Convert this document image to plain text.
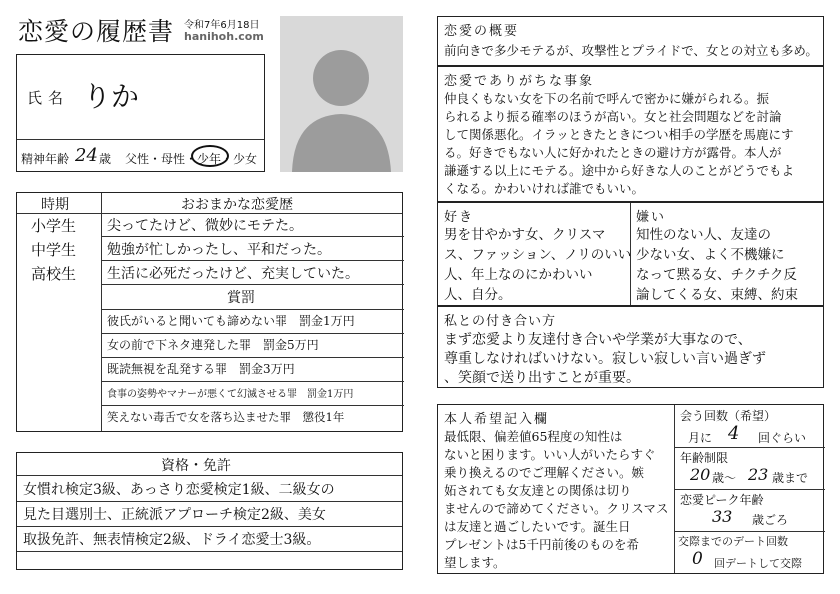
恋愛の履歴書 令和7年6月18日
hanihoh.com
氏名 りか
精神年齢 24 歳 父性・母性・少年・少女
時期	おおまかな恋愛歴
小学生 尖ってたけど、微妙にモテた。
中学生 勉強が忙しかったし、平和だった。
高校生 生活に必死だったけど、充実していた。
賞罰
彼氏がいると聞いても諦めない罪　罰金1万円
女の前で下ネタ連発した罪　罰金5万円
既読無視を乱発する罪　罰金3万円
食事の姿勢やマナーが悪くて幻滅させる罪　罰金1万円
笑えない毒舌で女を落ち込ませた罪　懲役1年
資格・免許
女慣れ検定3級、あっさり恋愛検定1級、二級女の
見た目選別士、正統派アプローチ検定2級、美女
取扱免許、無表情検定2級、ドライ恋愛士3級。
恋愛の概要
前向きで多少モテるが、攻撃性とプライドで、女との対立も多め。
恋愛でありがちな事象
仲良くもない女を下の名前で呼んで密かに嫌がられる。振
られるより振る確率のほうが高い。女と社会問題などを討論
して関係悪化。イラッときたときについ相手の学歴を馬鹿にす
る。好きでもない人に好かれたときの避け方が露骨。本人が
謙遜する以上にモテる。途中から好きな人のことがどうでもよ
くなる。かわいければ誰でもいい。
好き
男を甘やかす女、クリスマ
ス、ファッション、ノリのいい
人、年上なのにかわいい
人、自分。
嫌い
知性のない人、友達の
少ない女、よく不機嫌に
なって黙る女、チクチク反
論してくる女、束縛、約束
私との付き合い方
まず恋愛より友達付き合いや学業が大事なので、
尊重しなければいけない。寂しい寂しい言い過ぎず
、笑顔で送り出すことが重要。
本人希望記入欄
最低限、偏差値65程度の知性は
ないと困ります。いい人がいたらすぐ
乗り換えるのでご理解ください。嫉
妬されても女友達との関係は切り
ませんので諦めてください。クリスマス
は友達と過ごしたいです。誕生日
プレゼントは5千円前後のものを希
望します。
会う回数（希望）
月に 4 回ぐらい
年齢制限
20 歳〜 23 歳まで
恋愛ピーク年齢
33 歳ごろ
交際までのデート回数
0 回デートして交際
